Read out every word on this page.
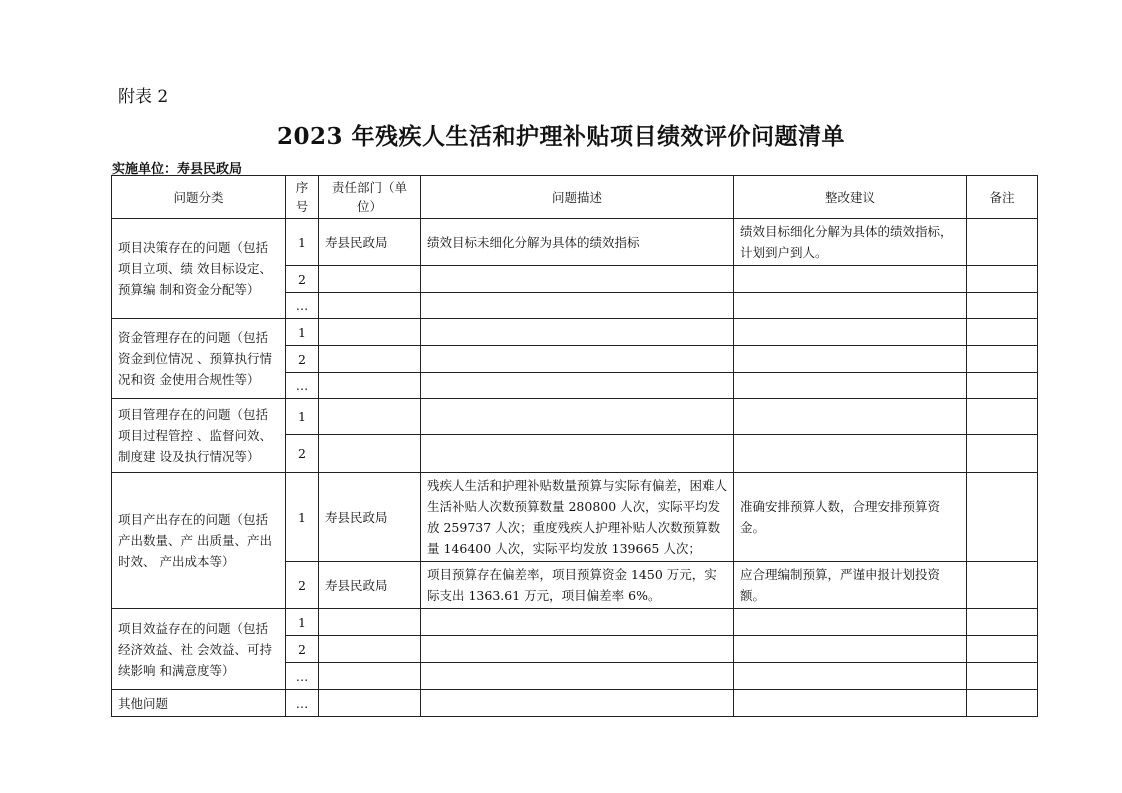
附表 2
2023 年残疾人生活和护理补贴项目绩效评价问题清单
实施单位：寿县民政局
问题分类	序号	责任部门（单位）	问题描述	整改建议	备注
项目决策存在的问题（包括项目立项、绩 效目标设定、预算编 制和资金分配等）	1	寿县民政局	绩效目标未细化分解为具体的绩效指标	绩效目标细化分解为具体的绩效指标，计划到户到人。	
	2				
	…				
资金管理存在的问题（包括资金到位情况 、预算执行情况和资 金使用合规性等）	1				
	2				
	…				
项目管理存在的问题（包括项目过程管控 、监督问效、制度建 设及执行情况等）	1				
	2				
项目产出存在的问题（包括产出数量、产 出质量、产出时效、 产出成本等）	1	寿县民政局	残疾人生活和护理补贴数量预算与实际有偏差，困难人生活补贴人次数预算数量 280800 人次，实际平均发放 259737 人次；重度残疾人护理补贴人次数预算数量 146400 人次，实际平均发放 139665 人次；	准确安排预算人数，合理安排预算资金。	
	2	寿县民政局	项目预算存在偏差率，项目预算资金 1450 万元，实际支出 1363.61 万元，项目偏差率 6%。	应合理编制预算，严谨申报计划投资额。	
项目效益存在的问题（包括经济效益、社 会效益、可持续影响 和满意度等）	1				
	2				
	…				
其他问题	…				
